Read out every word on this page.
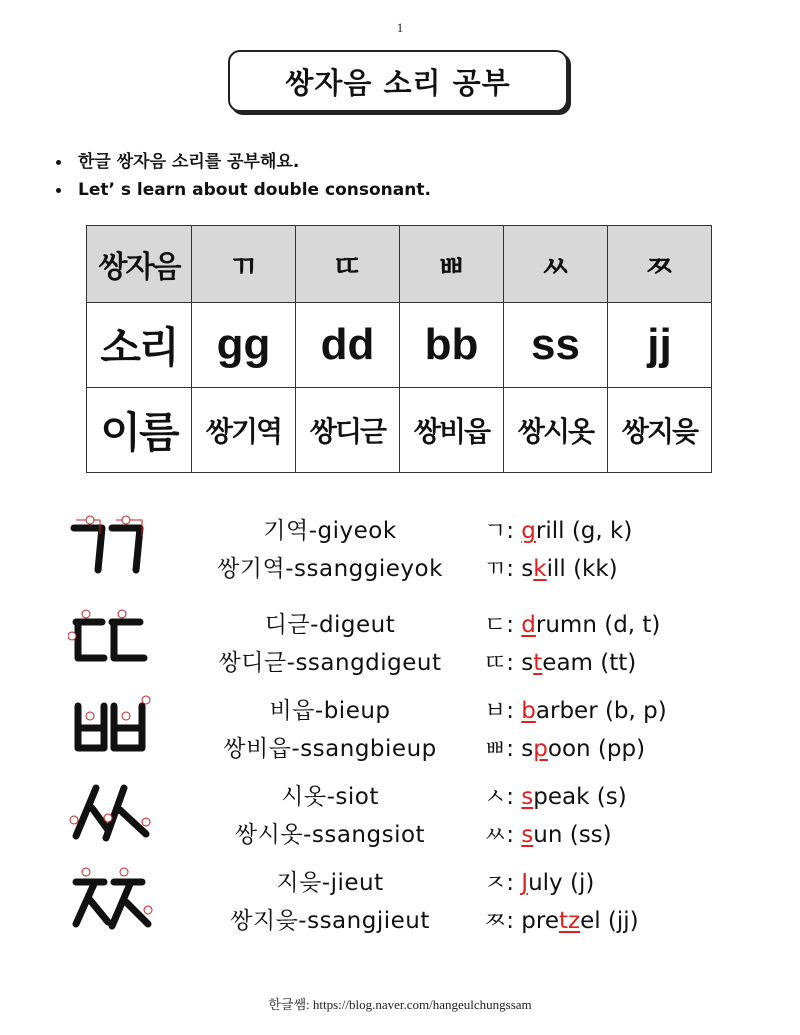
1
쌍자음 소리 공부
한글 쌍자음 소리를 공부해요.
Let’ s learn about double consonant.
쌍자음	ㄲ	ㄸ	ㅃ	ㅆ	ㅉ
소리	gg	dd	bb	ss	jj
이름	쌍기역	쌍디귿	쌍비읍	쌍시옷	쌍지읒
기역-giyeok
쌍기역-ssanggieyok
ㄱ: grill (g, k)
ㄲ: skill (kk)
디귿-digeut
쌍디귿-ssangdigeut
ㄷ: drumn (d, t)
ㄸ: steam (tt)
비읍-bieup
쌍비읍-ssangbieup
ㅂ: barber (b, p)
ㅃ: spoon (pp)
시옷-siot
쌍시옷-ssangsiot
ㅅ: speak (s)
ㅆ: sun (ss)
지읒-jieut
쌍지읒-ssangjieut
ㅈ: July (j)
ㅉ: pretzel (jj)
한글쌤: https://blog.naver.com/hangeulchungssam
